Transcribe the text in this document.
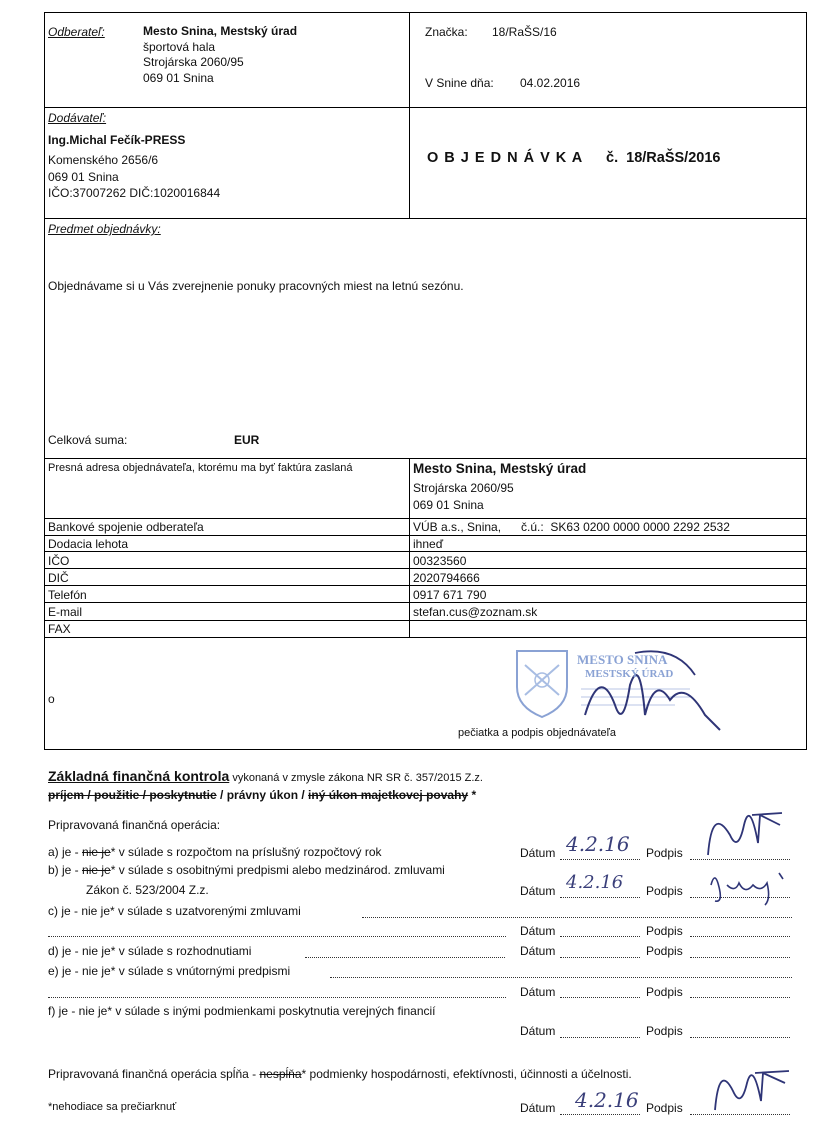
Odberateľ:	Mesto Snina, Mestský úrad
športová hala
Strojárska 2060/95
069 01 Snina
Značka: 18/RaŠS/16
V Snine dňa: 04.02.2016
Dodávateľ:
Ing.Michal Fečík-PRESS
Komenského 2656/6
069 01 Snina
IČO:37007262 DIČ:1020016844
O B J E D N Á V K A č.  18/RaŠS/2016
Predmet objednávky:
Objednávame si u Vás zverejnenie ponuky pracovných miest na letnú sezónu.
Celková suma:	EUR
Presná adresa objednávateľa, ktorému ma byť faktúra zaslaná	Mesto Snina, Mestský úrad
Strojárska 2060/95
069 01 Snina
Bankové spojenie odberateľa	VÚB a.s., Snina,      č.ú.:  SK63 0200 0000 0000 2292 2532
Dodacia lehota	ihneď
IČO	00323560
DIČ	2020794666
Telefón	0917 671 790
E-mail	stefan.cus@zoznam.sk
FAX
o
MESTO SNINA
MESTSKÝ ÚRAD
pečiatka a podpis objednávateľa
Základná finančná kontrola vykonaná v zmysle zákona NR SR č. 357/2015 Z.z.
príjem / použitie / poskytnutie / právny úkon / iný úkon majetkovej povahy *
Pripravovaná finančná operácia:
a) je - nie je* v súlade s rozpočtom na príslušný rozpočtový rok	Dátum 4.2.16 Podpis
b) je - nie je* v súlade s osobitnými predpismi alebo medzinárod. zmluvami
Zákon č. 523/2004 Z.z.	Dátum 4.2.16 Podpis
c) je - nie je* v súlade s uzatvorenými zmluvami
Dátum	Podpis
d) je - nie je* v súlade s rozhodnutiami	Dátum	Podpis
e) je - nie je* v súlade s vnútornými predpismi
Dátum	Podpis
f) je - nie je* v súlade s inými podmienkami poskytnutia verejných financií
Dátum	Podpis
Pripravovaná finančná operácia spĺňa - nespĺňa* podmienky hospodárnosti, efektívnosti, účinnosti a účelnosti.
*nehodiace sa prečiarknuť	Dátum 4.2.16 Podpis
